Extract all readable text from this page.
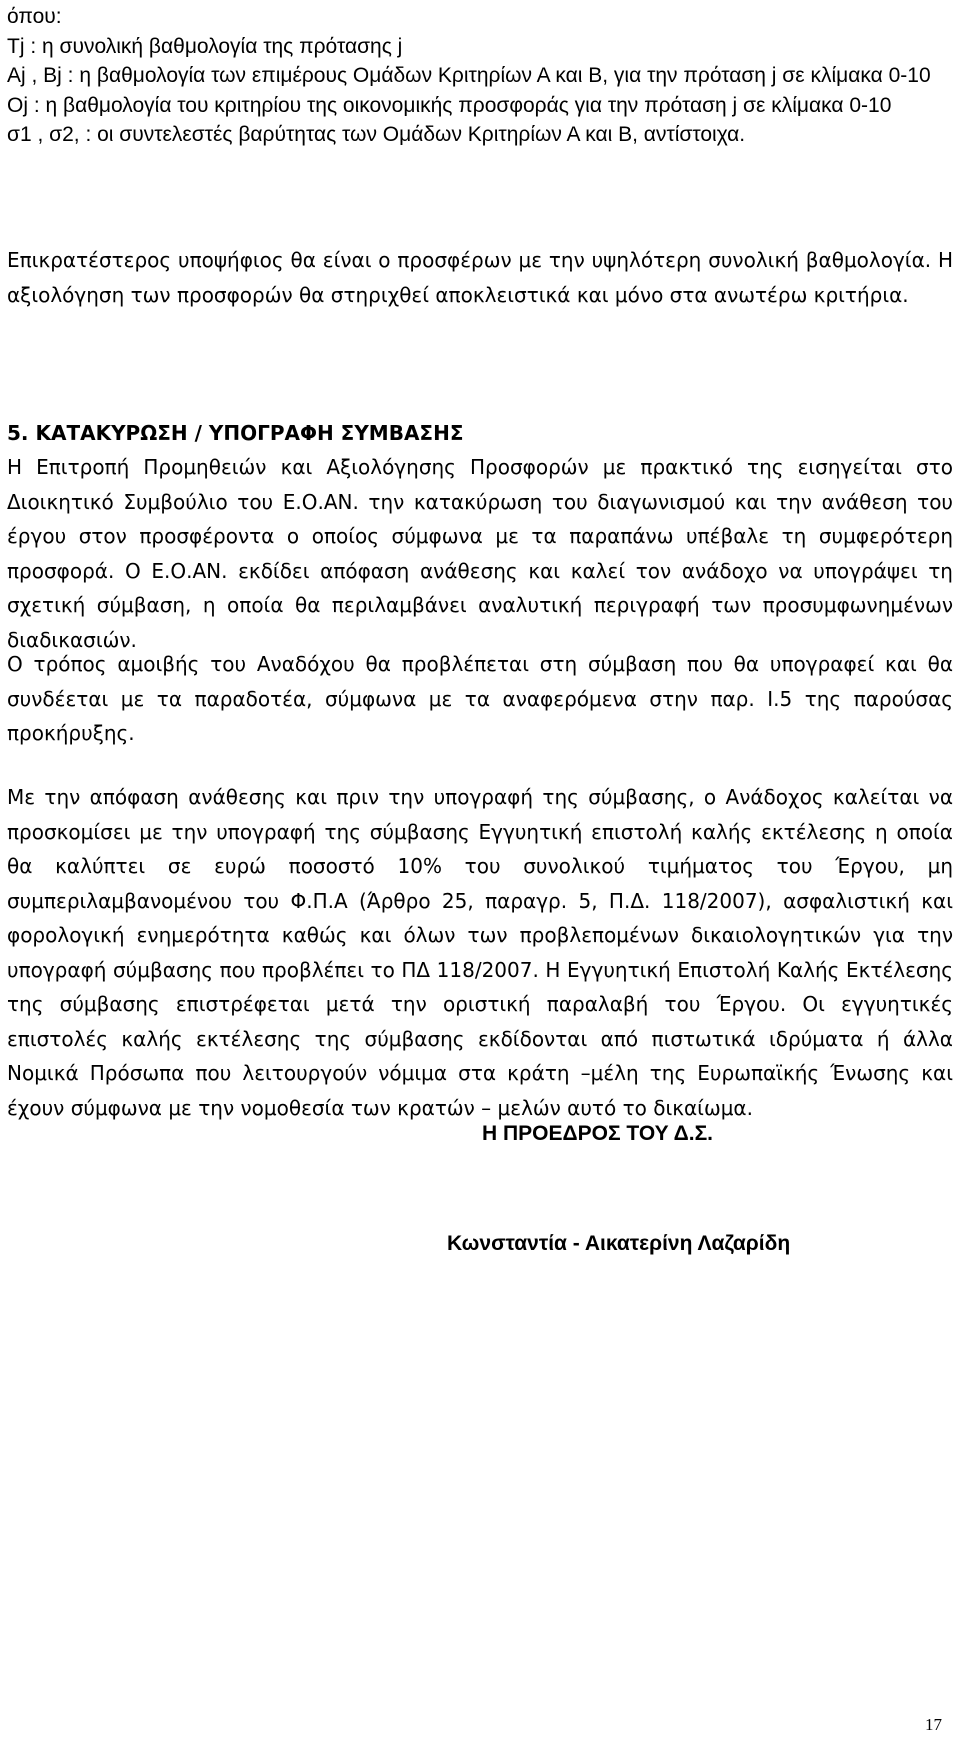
όπου:

Tj : η συνολική βαθμολογία της πρότασης j

Aj , Bj : η βαθμολογία των επιμέρους Ομάδων Κριτηρίων Α και Β, για την πρόταση j σε κλίμακα 0-10

Oj : η βαθμολογία του κριτηρίου της οικονομικής προσφοράς για την πρόταση j σε κλίμακα 0-10

σ1 , σ2, : οι συντελεστές βαρύτητας των Ομάδων Κριτηρίων Α και Β, αντίστοιχα.

Επικρατέστερος υποψήφιος θα είναι ο προσφέρων με την υψηλότερη συνολική βαθμολογία. Η αξιολόγηση των προσφορών θα στηριχθεί αποκλειστικά και μόνο στα ανωτέρω κριτήρια.

5. ΚΑΤΑΚΥΡΩΣΗ / ΥΠΟΓΡΑΦΗ ΣΥΜΒΑΣΗΣ

Η Επιτροπή Προμηθειών και Αξιολόγησης Προσφορών με πρακτικό της εισηγείται στο Διοικητικό Συμβούλιο του Ε.Ο.ΑΝ. την κατακύρωση του διαγωνισμού και την ανάθεση του έργου στον προσφέροντα ο οποίος σύμφωνα με τα παραπάνω υπέβαλε τη συμφερότερη προσφορά. Ο Ε.Ο.ΑΝ. εκδίδει απόφαση ανάθεσης και καλεί τον ανάδοχο να υπογράψει τη σχετική σύμβαση, η οποία θα περιλαμβάνει αναλυτική περιγραφή των προσυμφωνημένων διαδικασιών.

Ο τρόπος αμοιβής του Αναδόχου θα προβλέπεται στη σύμβαση που θα υπογραφεί και θα συνδέεται με τα παραδοτέα, σύμφωνα με τα αναφερόμενα στην παρ. Ι.5 της παρούσας προκήρυξης.

Με την απόφαση ανάθεσης και πριν την υπογραφή της σύμβασης, ο Ανάδοχος καλείται να προσκομίσει με την υπογραφή της σύμβασης Εγγυητική επιστολή καλής εκτέλεσης η οποία θα καλύπτει σε ευρώ ποσοστό 10% του συνολικού τιμήματος του Έργου, μη συμπεριλαμβανομένου του Φ.Π.Α (Άρθρο 25, παραγρ. 5, Π.Δ. 118/2007), ασφαλιστική και φορολογική ενημερότητα καθώς και όλων των προβλεπομένων δικαιολογητικών για την υπογραφή σύμβασης που προβλέπει το ΠΔ 118/2007. Η Εγγυητική Επιστολή Καλής Εκτέλεσης της σύμβασης επιστρέφεται μετά την οριστική παραλαβή του Έργου. Οι εγγυητικές επιστολές καλής εκτέλεσης της σύμβασης εκδίδονται από πιστωτικά ιδρύματα ή άλλα Νομικά Πρόσωπα που λειτουργούν νόμιμα στα κράτη –μέλη της Ευρωπαϊκής Ένωσης και έχουν σύμφωνα με την νομοθεσία των κρατών – μελών αυτό το δικαίωμα.

Η ΠΡΟΕΔΡΟΣ ΤΟΥ Δ.Σ.

Κωνσταντία - Αικατερίνη Λαζαρίδη

17
